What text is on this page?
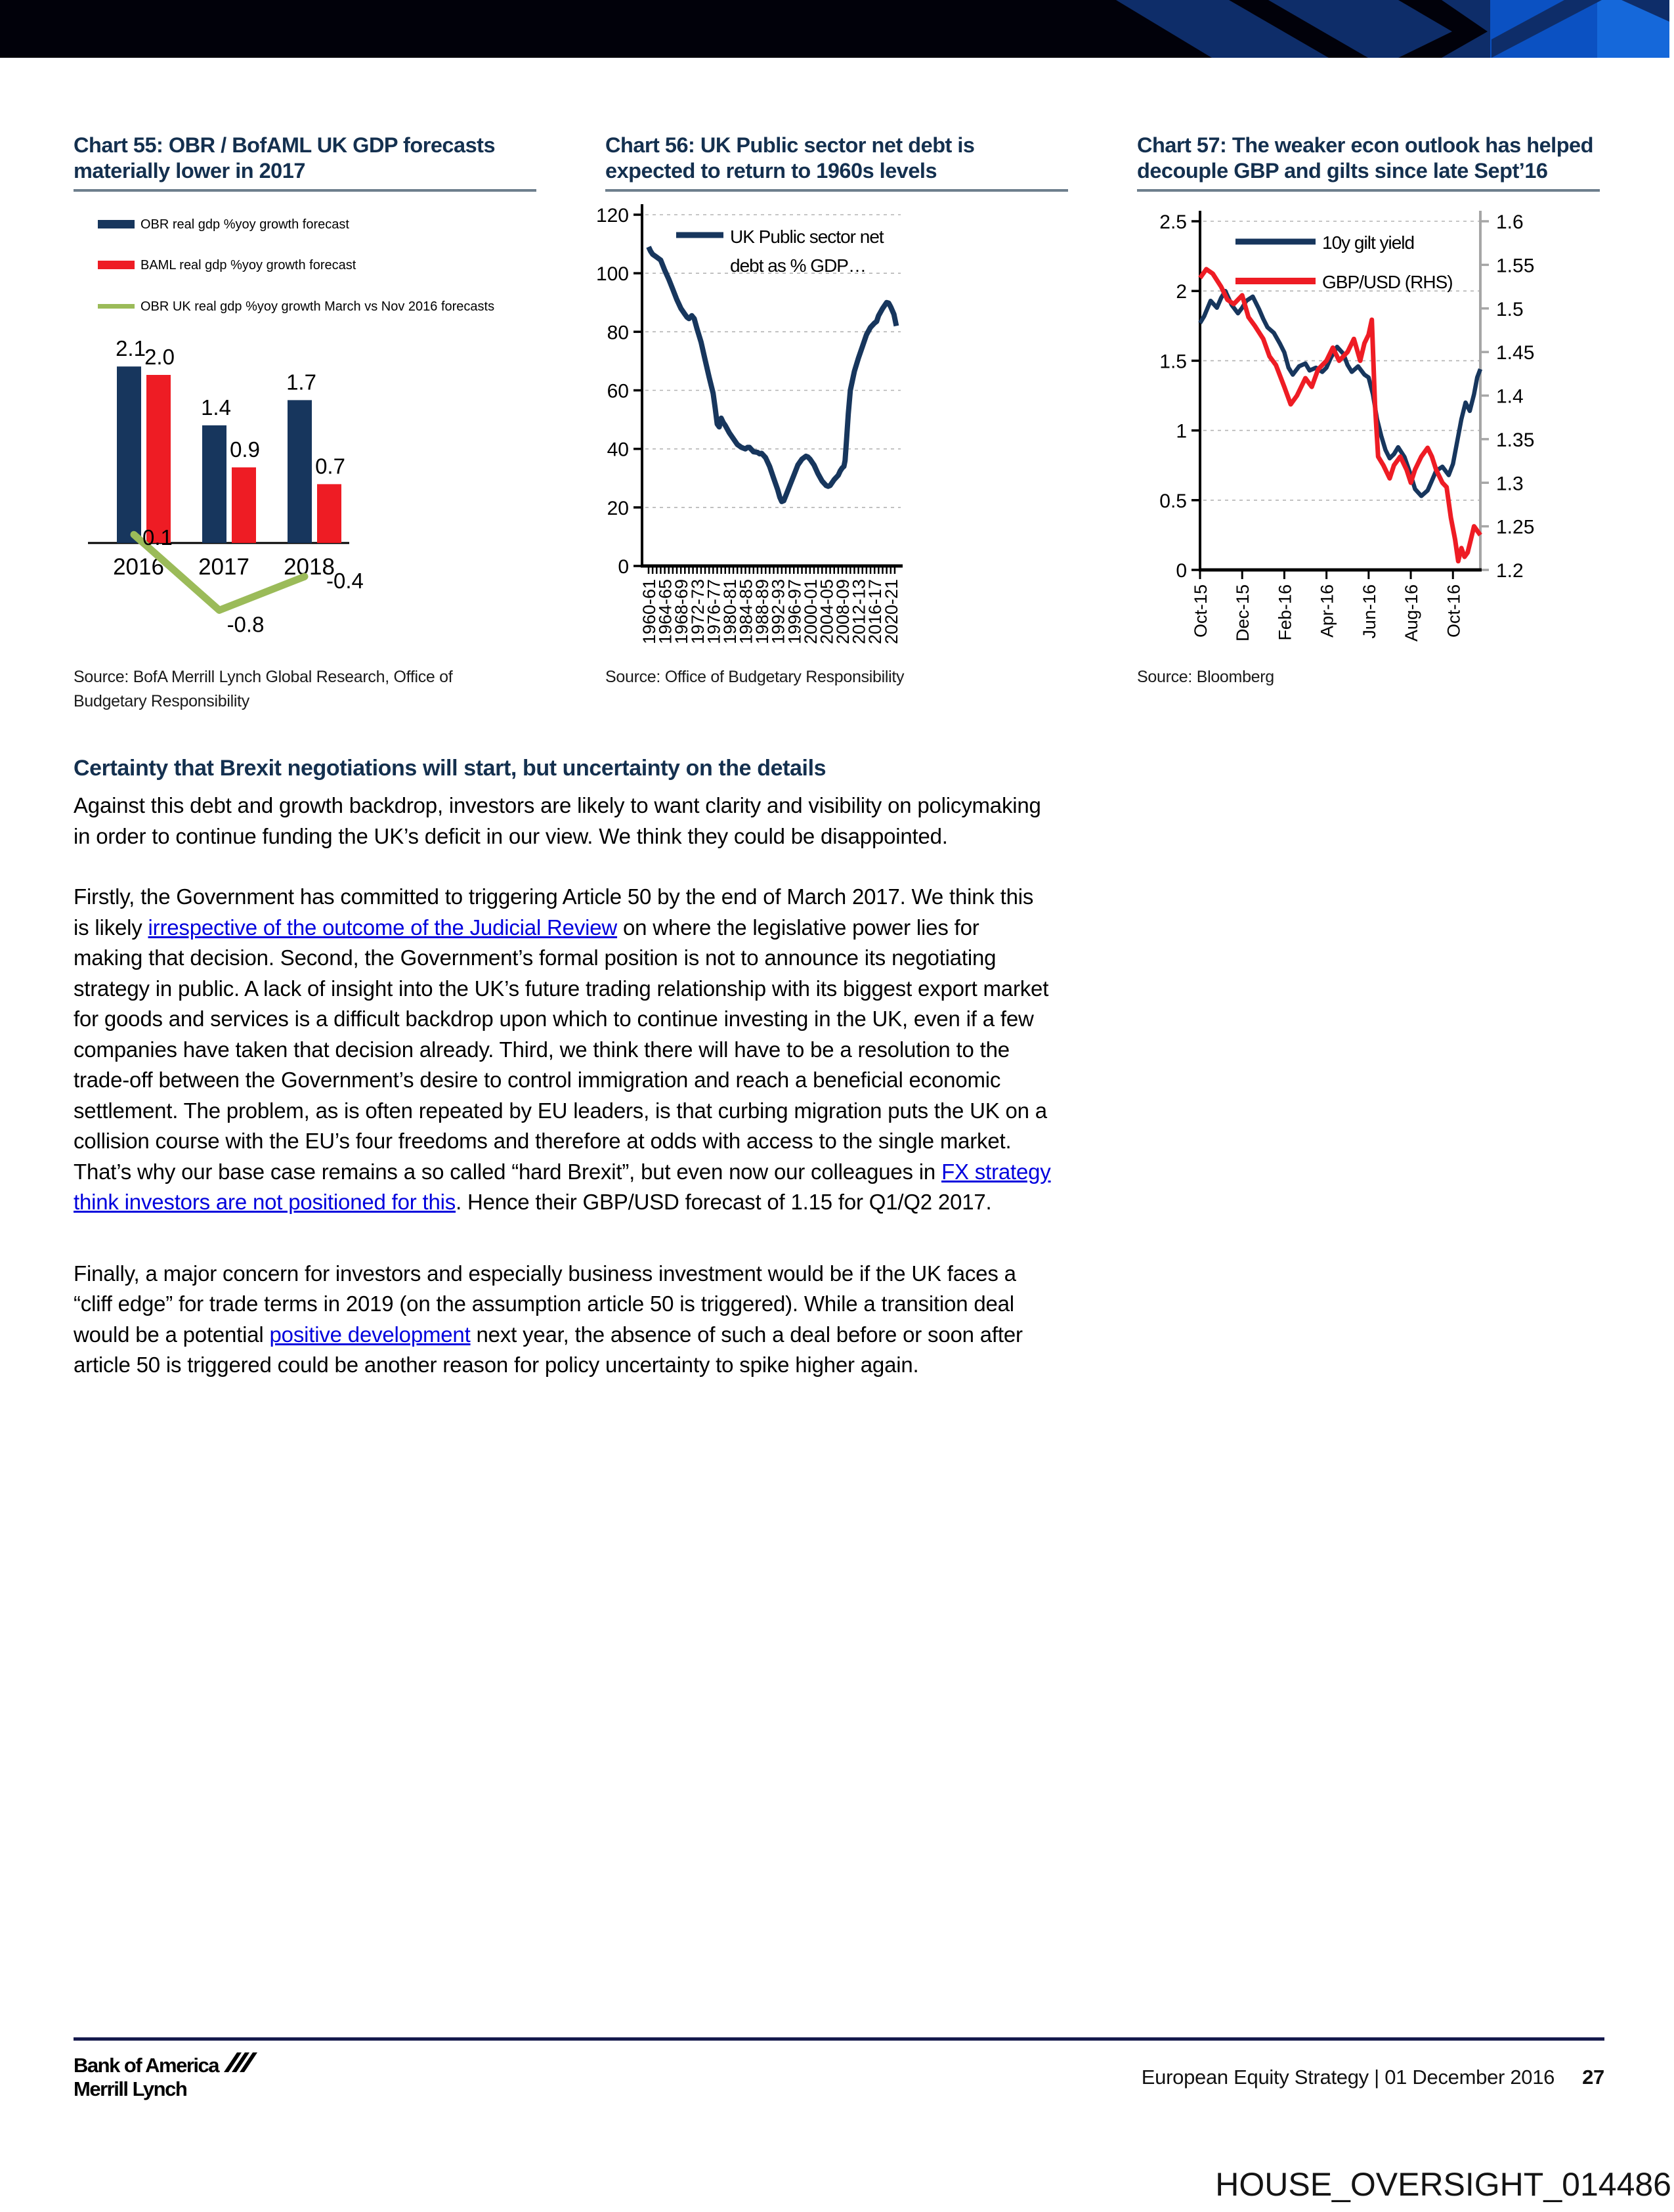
Chart 55: OBR / BofAML UK GDP forecasts materially lower in 2017
OBR real gdp %yoy growth forecast
BAML real gdp %yoy growth forecast
OBR UK real gdp %yoy growth March vs Nov 2016 forecasts
2.1
2.0
2016
1.4
0.9
2017
1.7
0.7
2018
0.1
-0.8
-0.4
Source: BofA Merrill Lynch Global Research, Office of Budgetary Responsibility
Chart 56: UK Public sector net debt is expected to return to 1960s levels
0
20
40
60
80
100
120
1960-61
1964-65
1968-69
1972-73
1976-77
1980-81
1984-85
1988-89
1992-93
1996-97
2000-01
2004-05
2008-09
2012-13
2016-17
2020-21
UK Public sector net
debt as % GDP…
Source: Office of Budgetary Responsibility
Chart 57: The weaker econ outlook has helped decouple GBP and gilts since late Sept’16
0
0.5
1
1.5
2
2.5
1.2
1.25
1.3
1.35
1.4
1.45
1.5
1.55
1.6
Oct-15 Dec-15 Feb-16 Apr-16 Jun-16 Aug-16 Oct-16
10y gilt yield
GBP/USD (RHS)
Source: Bloomberg
Certainty that Brexit negotiations will start, but uncertainty on the details

Against this debt and growth backdrop, investors are likely to want clarity and visibility on policymaking in order to continue funding the UK’s deficit in our view. We think they could be disappointed.

Firstly, the Government has committed to triggering Article 50 by the end of March 2017. We think this is likely irrespective of the outcome of the Judicial Review on where the legislative power lies for making that decision. Second, the Government’s formal position is not to announce its negotiating strategy in public. A lack of insight into the UK’s future trading relationship with its biggest export market for goods and services is a difficult backdrop upon which to continue investing in the UK, even if a few companies have taken that decision already. Third, we think there will have to be a resolution to the trade-off between the Government’s desire to control immigration and reach a beneficial economic settlement. The problem, as is often repeated by EU leaders, is that curbing migration puts the UK on a collision course with the EU’s four freedoms and therefore at odds with access to the single market. That’s why our base case remains a so called “hard Brexit”, but even now our colleagues in FX strategy think investors are not positioned for this. Hence their GBP/USD forecast of 1.15 for Q1/Q2 2017.

Finally, a major concern for investors and especially business investment would be if the UK faces a “cliff edge” for trade terms in 2019 (on the assumption article 50 is triggered). While a transition deal would be a potential positive development next year, the absence of such a deal before or soon after article 50 is triggered could be another reason for policy uncertainty to spike higher again.

Bank of America
Merrill Lynch
European Equity Strategy | 01 December 2016 27
HOUSE_OVERSIGHT_014486
